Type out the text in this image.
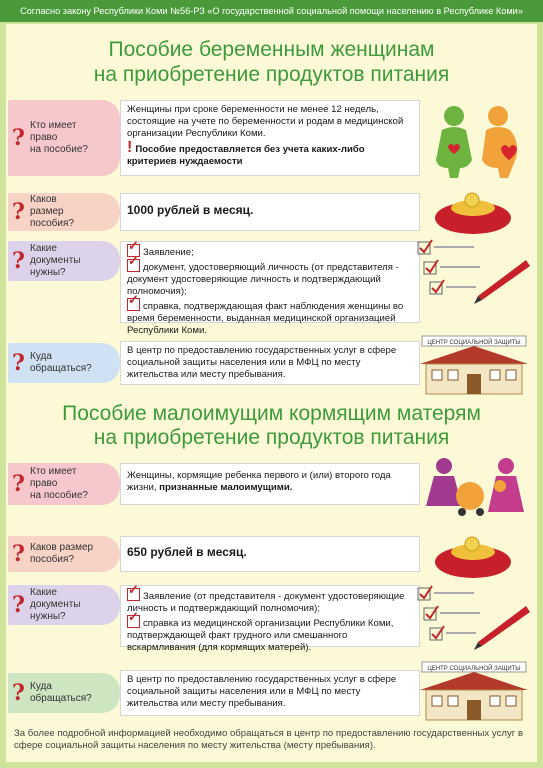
Согласно закону Республики Коми №56-РЗ «О государственной социальной помощи населению в Республике Коми»
Пособие беременным женщинам
на приобретение продуктов питания
? Кто имеет
право
на пособие?
Женщины при сроке беременности не менее 12 недель, состоящие на учете по беременности и родам в медицинской организации Республики Коми.
! Пособие предоставляется без учета каких-либо критериев нуждаемости
? Каков
размер
пособия?
1000 рублей в месяц.
? Какие
документы
нужны?
✓Заявление;
✓документ, удостоверяющий личность (от представителя - документ удостоверяющие личность и подтверждающий полномочия);
✓справка, подтверждающая факт наблюдения женщины во время беременности, выданная медицинской организацией Республики Коми.
? Куда
обращаться?
В центр по предоставлению государственных услуг в сфере социальной защиты населения или в МФЦ по месту жительства или месту пребывания.
ЦЕНТР СОЦИАЛЬНОЙ ЗАЩИТЫ
Пособие малоимущим кормящим матерям
на приобретение продуктов питания
? Кто имеет
право
на пособие?
Женщины, кормящие ребенка первого и (или) второго года жизни, признанные малоимущими.
? Каков размер
пособия?
650 рублей в месяц.
? Какие
документы
нужны?
✓Заявление (от представителя - документ удостоверяющие личность и подтверждающий полномочия);
✓справка из медицинской организации Республики Коми, подтверждающей факт грудного или смешанного вскармливания (для кормящих матерей).
? Куда
обращаться?
В центр по предоставлению государственных услуг в сфере социальной защиты населения или в МФЦ по месту жительства или месту пребывания.
ЦЕНТР СОЦИАЛЬНОЙ ЗАЩИТЫ
За более подробной информацией необходимо обращаться в центр по предоставлению государственных услуг в сфере социальной защиты населения по месту жительства (месту пребывания).
